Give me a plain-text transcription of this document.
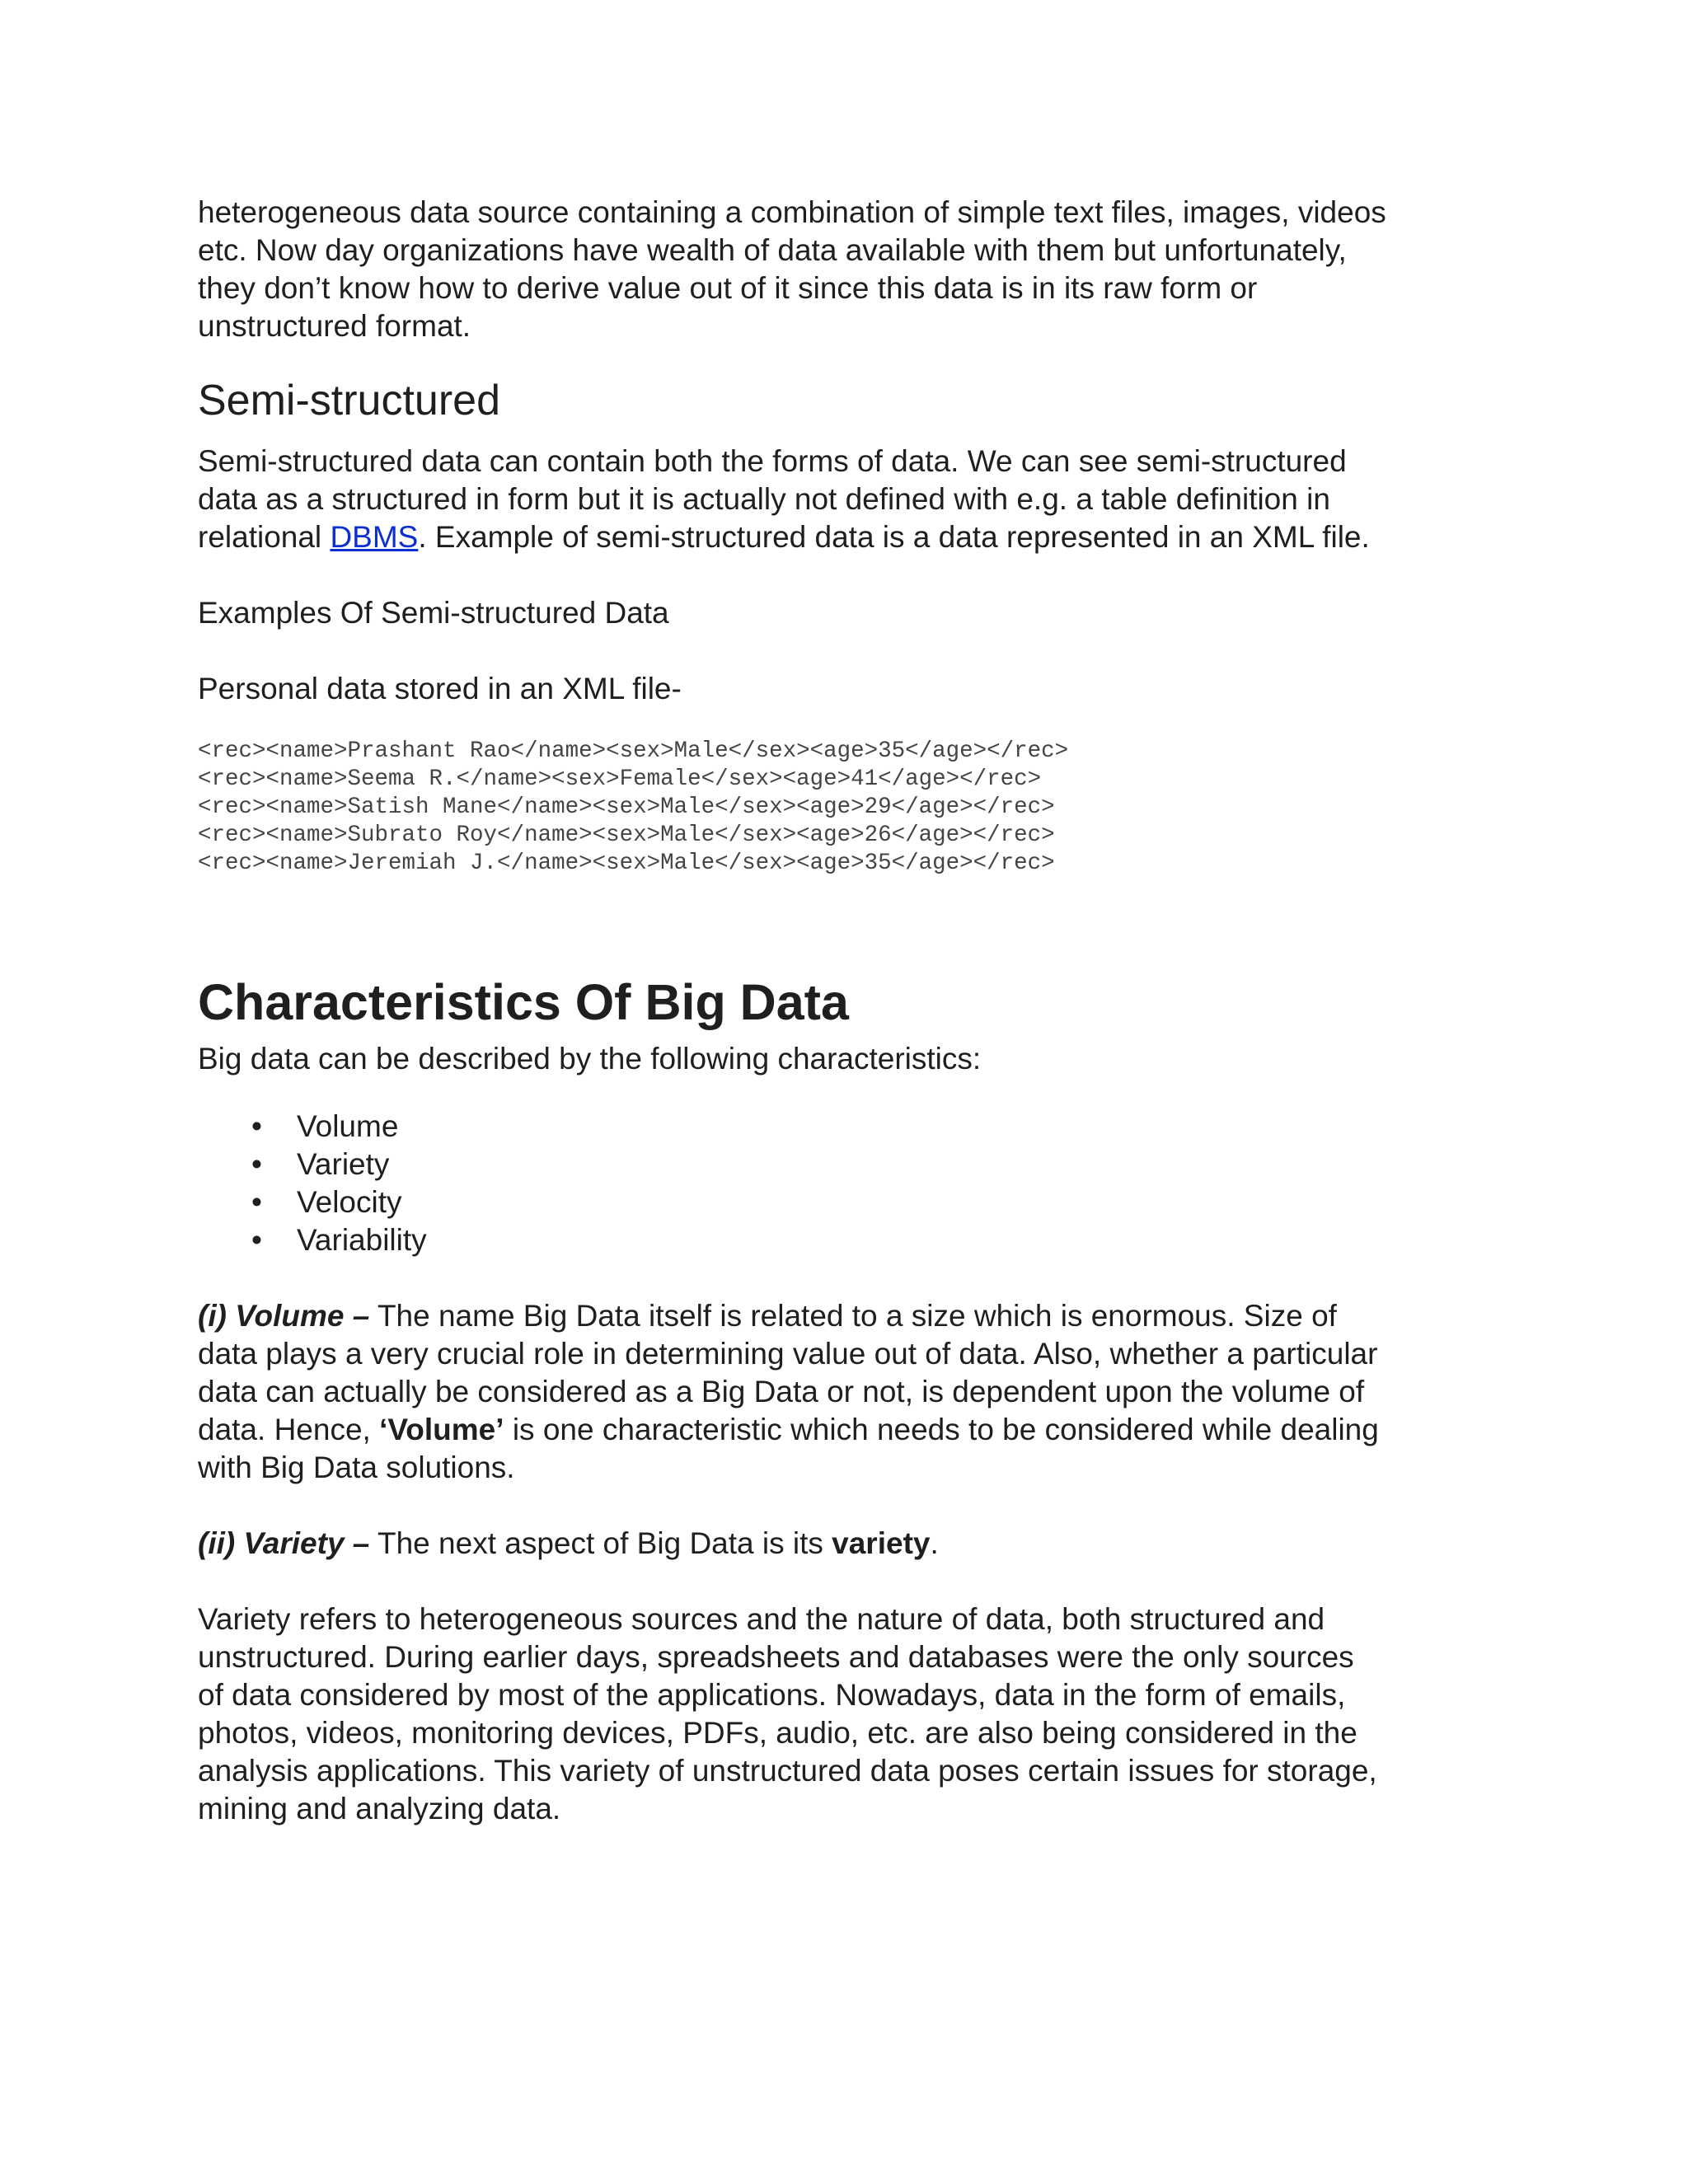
heterogeneous data source containing a combination of simple text files, images, videos
etc. Now day organizations have wealth of data available with them but unfortunately,
they don’t know how to derive value out of it since this data is in its raw form or
unstructured format.

Semi-structured

Semi-structured data can contain both the forms of data. We can see semi-structured
data as a structured in form but it is actually not defined with e.g. a table definition in
relational DBMS. Example of semi-structured data is a data represented in an XML file.

Examples Of Semi-structured Data

Personal data stored in an XML file-

<rec><name>Prashant Rao</name><sex>Male</sex><age>35</age></rec>
<rec><name>Seema R.</name><sex>Female</sex><age>41</age></rec>
<rec><name>Satish Mane</name><sex>Male</sex><age>29</age></rec>
<rec><name>Subrato Roy</name><sex>Male</sex><age>26</age></rec>
<rec><name>Jeremiah J.</name><sex>Male</sex><age>35</age></rec>
Characteristics Of Big Data

Big data can be described by the following characteristics:

• Volume
• Variety
• Velocity
• Variability

(i) Volume – The name Big Data itself is related to a size which is enormous. Size of
data plays a very crucial role in determining value out of data. Also, whether a particular
data can actually be considered as a Big Data or not, is dependent upon the volume of
data. Hence, ‘Volume’ is one characteristic which needs to be considered while dealing
with Big Data solutions.

(ii) Variety – The next aspect of Big Data is its variety.

Variety refers to heterogeneous sources and the nature of data, both structured and
unstructured. During earlier days, spreadsheets and databases were the only sources
of data considered by most of the applications. Nowadays, data in the form of emails,
photos, videos, monitoring devices, PDFs, audio, etc. are also being considered in the
analysis applications. This variety of unstructured data poses certain issues for storage,
mining and analyzing data.
